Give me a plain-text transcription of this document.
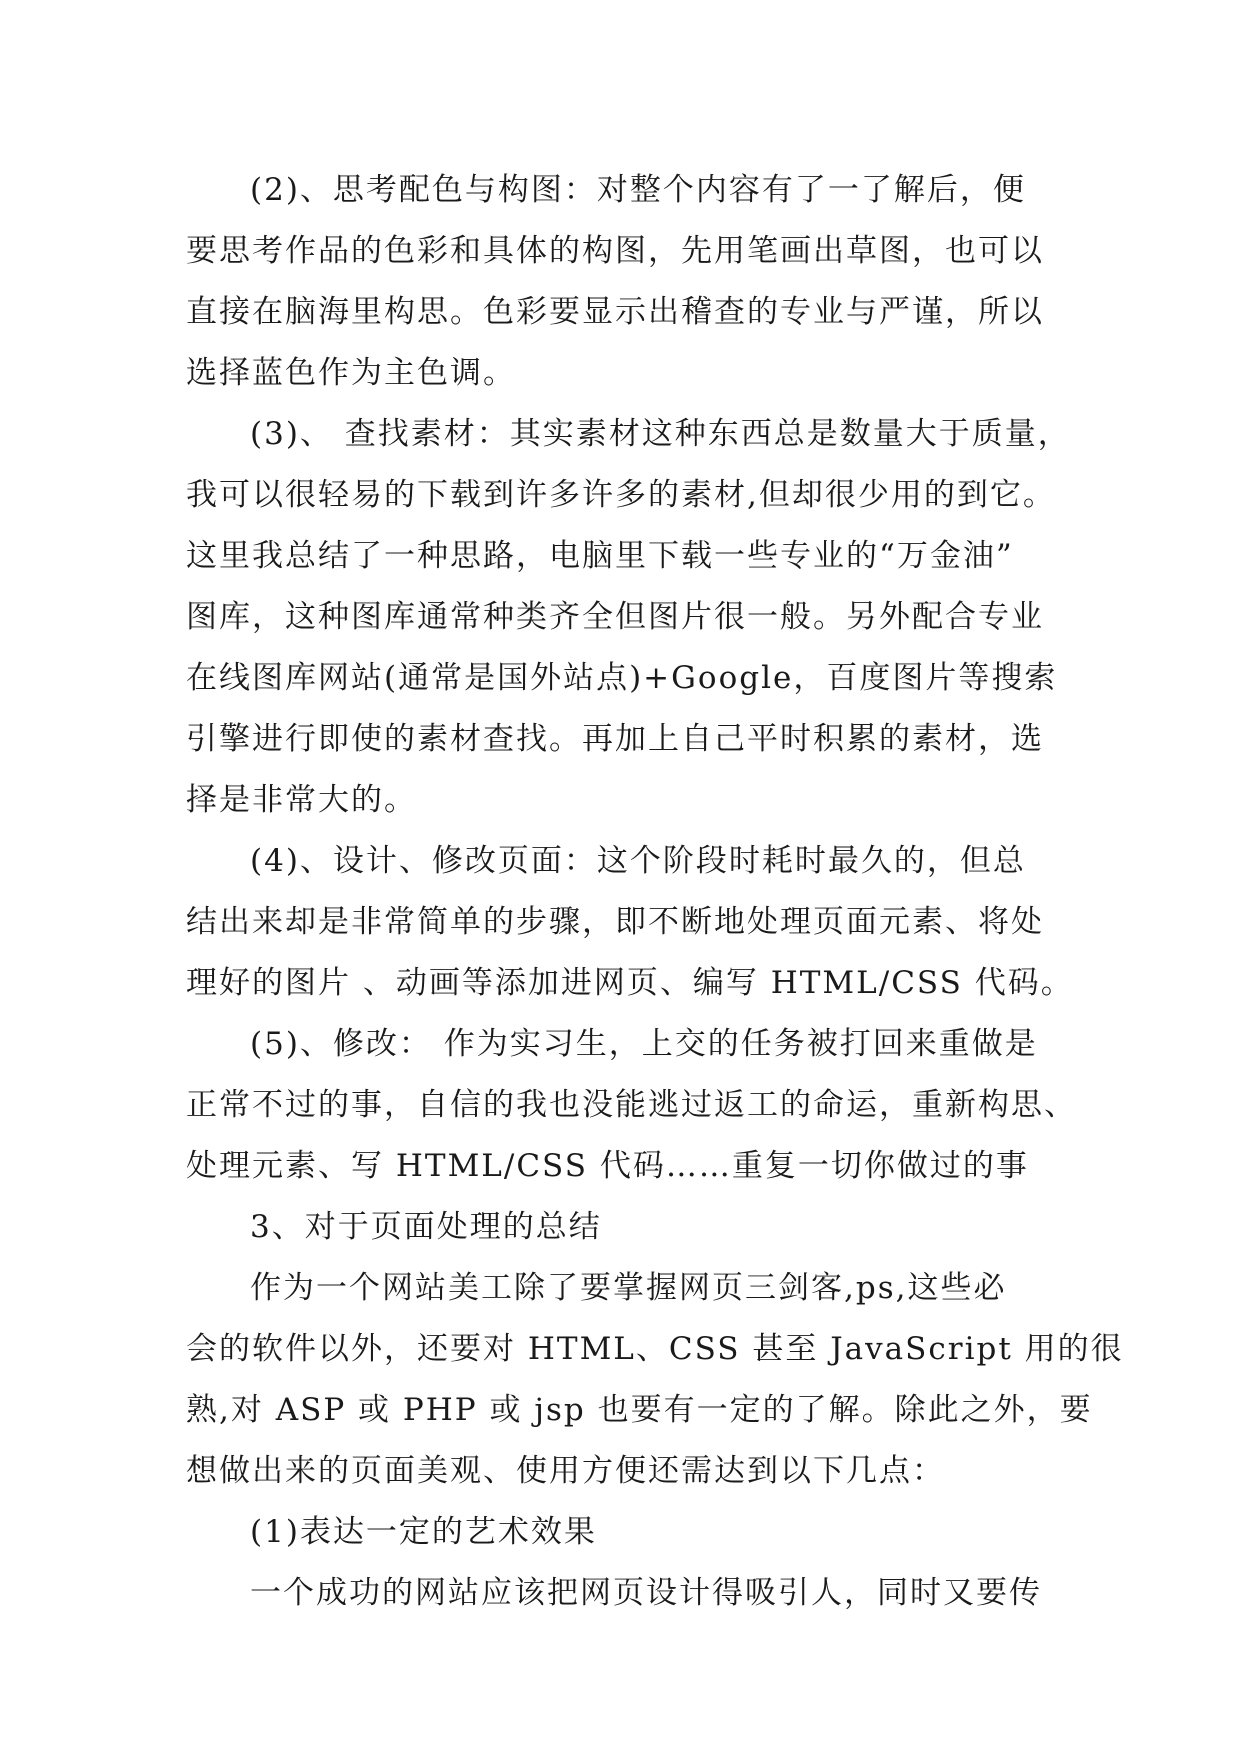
(2)、思考配色与构图：对整个内容有了一了解后，便
要思考作品的色彩和具体的构图，先用笔画出草图，也可以
直接在脑海里构思。色彩要显示出稽查的专业与严谨，所以
选择蓝色作为主色调。
(3)、 查找素材：其实素材这种东西总是数量大于质量，
我可以很轻易的下载到许多许多的素材,但却很少用的到它。
这里我总结了一种思路，电脑里下载一些专业的“万金油”
图库，这种图库通常种类齐全但图片很一般。另外配合专业
在线图库网站(通常是国外站点)+Google，百度图片等搜索
引擎进行即使的素材查找。再加上自己平时积累的素材，选
择是非常大的。
(4)、设计、修改页面：这个阶段时耗时最久的，但总
结出来却是非常简单的步骤，即不断地处理页面元素、将处
理好的图片 、动画等添加进网页、编写 HTML/CSS 代码。
(5)、修改： 作为实习生，上交的任务被打回来重做是
正常不过的事，自信的我也没能逃过返工的命运，重新构思、
处理元素、写 HTML/CSS 代码……重复一切你做过的事
3、对于页面处理的总结
作为一个网站美工除了要掌握网页三剑客,ps,这些必
会的软件以外，还要对 HTML、CSS 甚至 JavaScript 用的很
熟,对 ASP 或 PHP 或 jsp 也要有一定的了解。除此之外，要
想做出来的页面美观、使用方便还需达到以下几点：
(1)表达一定的艺术效果
一个成功的网站应该把网页设计得吸引人，同时又要传
